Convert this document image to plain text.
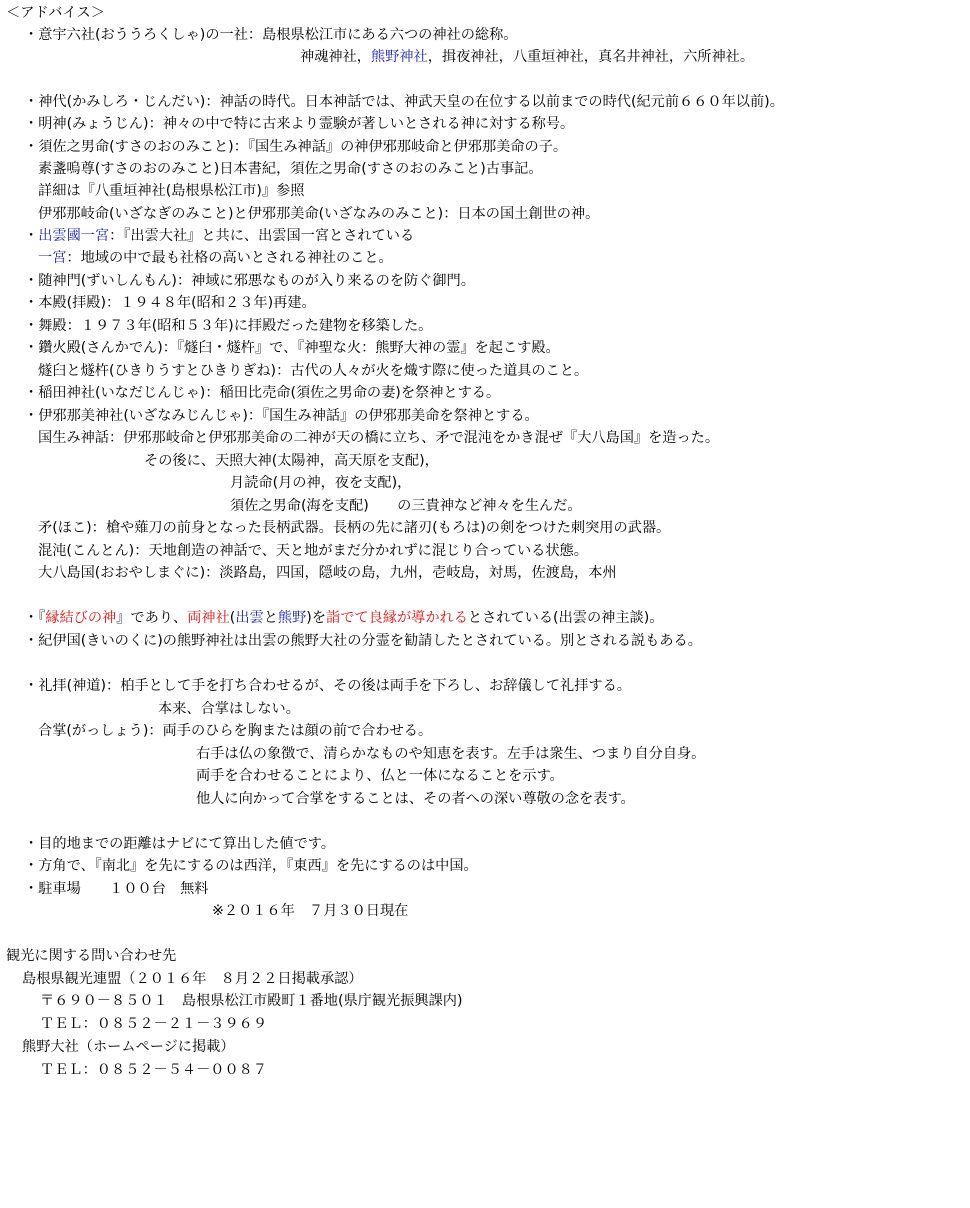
＜アドバイス＞
・意宇六社(おううろくしゃ)の一社：島根県松江市にある六つの神社の総称。
神魂神社，熊野神社，揖夜神社，八重垣神社，真名井神社，六所神社。
・神代(かみしろ・じんだい)：神話の時代。日本神話では、神武天皇の在位する以前までの時代(紀元前６６０年以前)。
・明神(みょうじん)：神々の中で特に古来より霊験が著しいとされる神に対する称号。
・須佐之男命(すさのおのみこと)：『国生み神話』の神伊邪那岐命と伊邪那美命の子。
素盞嗚尊(すさのおのみこと)日本書紀，須佐之男命(すさのおのみこと)古事記。
詳細は『八重垣神社(島根県松江市)』参照
伊邪那岐命(いざなぎのみこと)と伊邪那美命(いざなみのみこと)：日本の国土創世の神。
・出雲國一宮：『出雲大社』と共に、出雲国一宮とされている
一宮：地域の中で最も社格の高いとされる神社のこと。
・随神門(ずいしんもん)：神域に邪悪なものが入り来るのを防ぐ御門。
・本殿(拝殿)：１９４８年(昭和２３年)再建。
・舞殿：１９７３年(昭和５３年)に拝殿だった建物を移築した。
・鑽火殿(さんかでん)：『燧臼・燧杵』で、『神聖な火：熊野大神の霊』を起こす殿。
燧臼と燧杵(ひきりうすとひきりぎね)：古代の人々が火を熾す際に使った道具のこと。
・稲田神社(いなだじんじゃ)：稲田比売命(須佐之男命の妻)を祭神とする。
・伊邪那美神社(いざなみじんじゃ)：『国生み神話』の伊邪那美命を祭神とする。
国生み神話：伊邪那岐命と伊邪那美命の二神が天の橋に立ち、矛で混沌をかき混ぜ『大八島国』を造った。
その後に、天照大神(太陽神，高天原を支配)，
月読命(月の神，夜を支配)，
須佐之男命(海を支配)　　の三貴神など神々を生んだ。
矛(ほこ)：槍や薙刀の前身となった長柄武器。長柄の先に諸刃(もろは)の剣をつけた刺突用の武器。
混沌(こんとん)：天地創造の神話で、天と地がまだ分かれずに混じり合っている状態。
大八島国(おおやしまぐに)：淡路島，四国，隠岐の島，九州，壱岐島，対馬，佐渡島，本州
・『縁結びの神』であり、両神社(出雲と熊野)を詣でて良縁が導かれるとされている(出雲の神主談)。
・紀伊国(きいのくに)の熊野神社は出雲の熊野大社の分霊を勧請したとされている。別とされる説もある。
・礼拝(神道)：柏手として手を打ち合わせるが、その後は両手を下ろし、お辞儀して礼拝する。
本来、合掌はしない。
合掌(がっしょう)：両手のひらを胸または顔の前で合わせる。
右手は仏の象徴で、清らかなものや知恵を表す。左手は衆生、つまり自分自身。
両手を合わせることにより、仏と一体になることを示す。
他人に向かって合掌をすることは、その者への深い尊敬の念を表す。
・目的地までの距離はナビにて算出した値です。
・方角で、『南北』を先にするのは西洋，『東西』を先にするのは中国。
・駐車場　　１００台　無料
※２０１６年　７月３０日現在
観光に関する問い合わせ先
島根県観光連盟（２０１６年　８月２２日掲載承認）
〒６９０－８５０１　島根県松江市殿町１番地(県庁観光振興課内)
ＴＥＬ：０８５２－２１－３９６９
熊野大社（ホームページに掲載）
ＴＥＬ：０８５２－５４－００８７
